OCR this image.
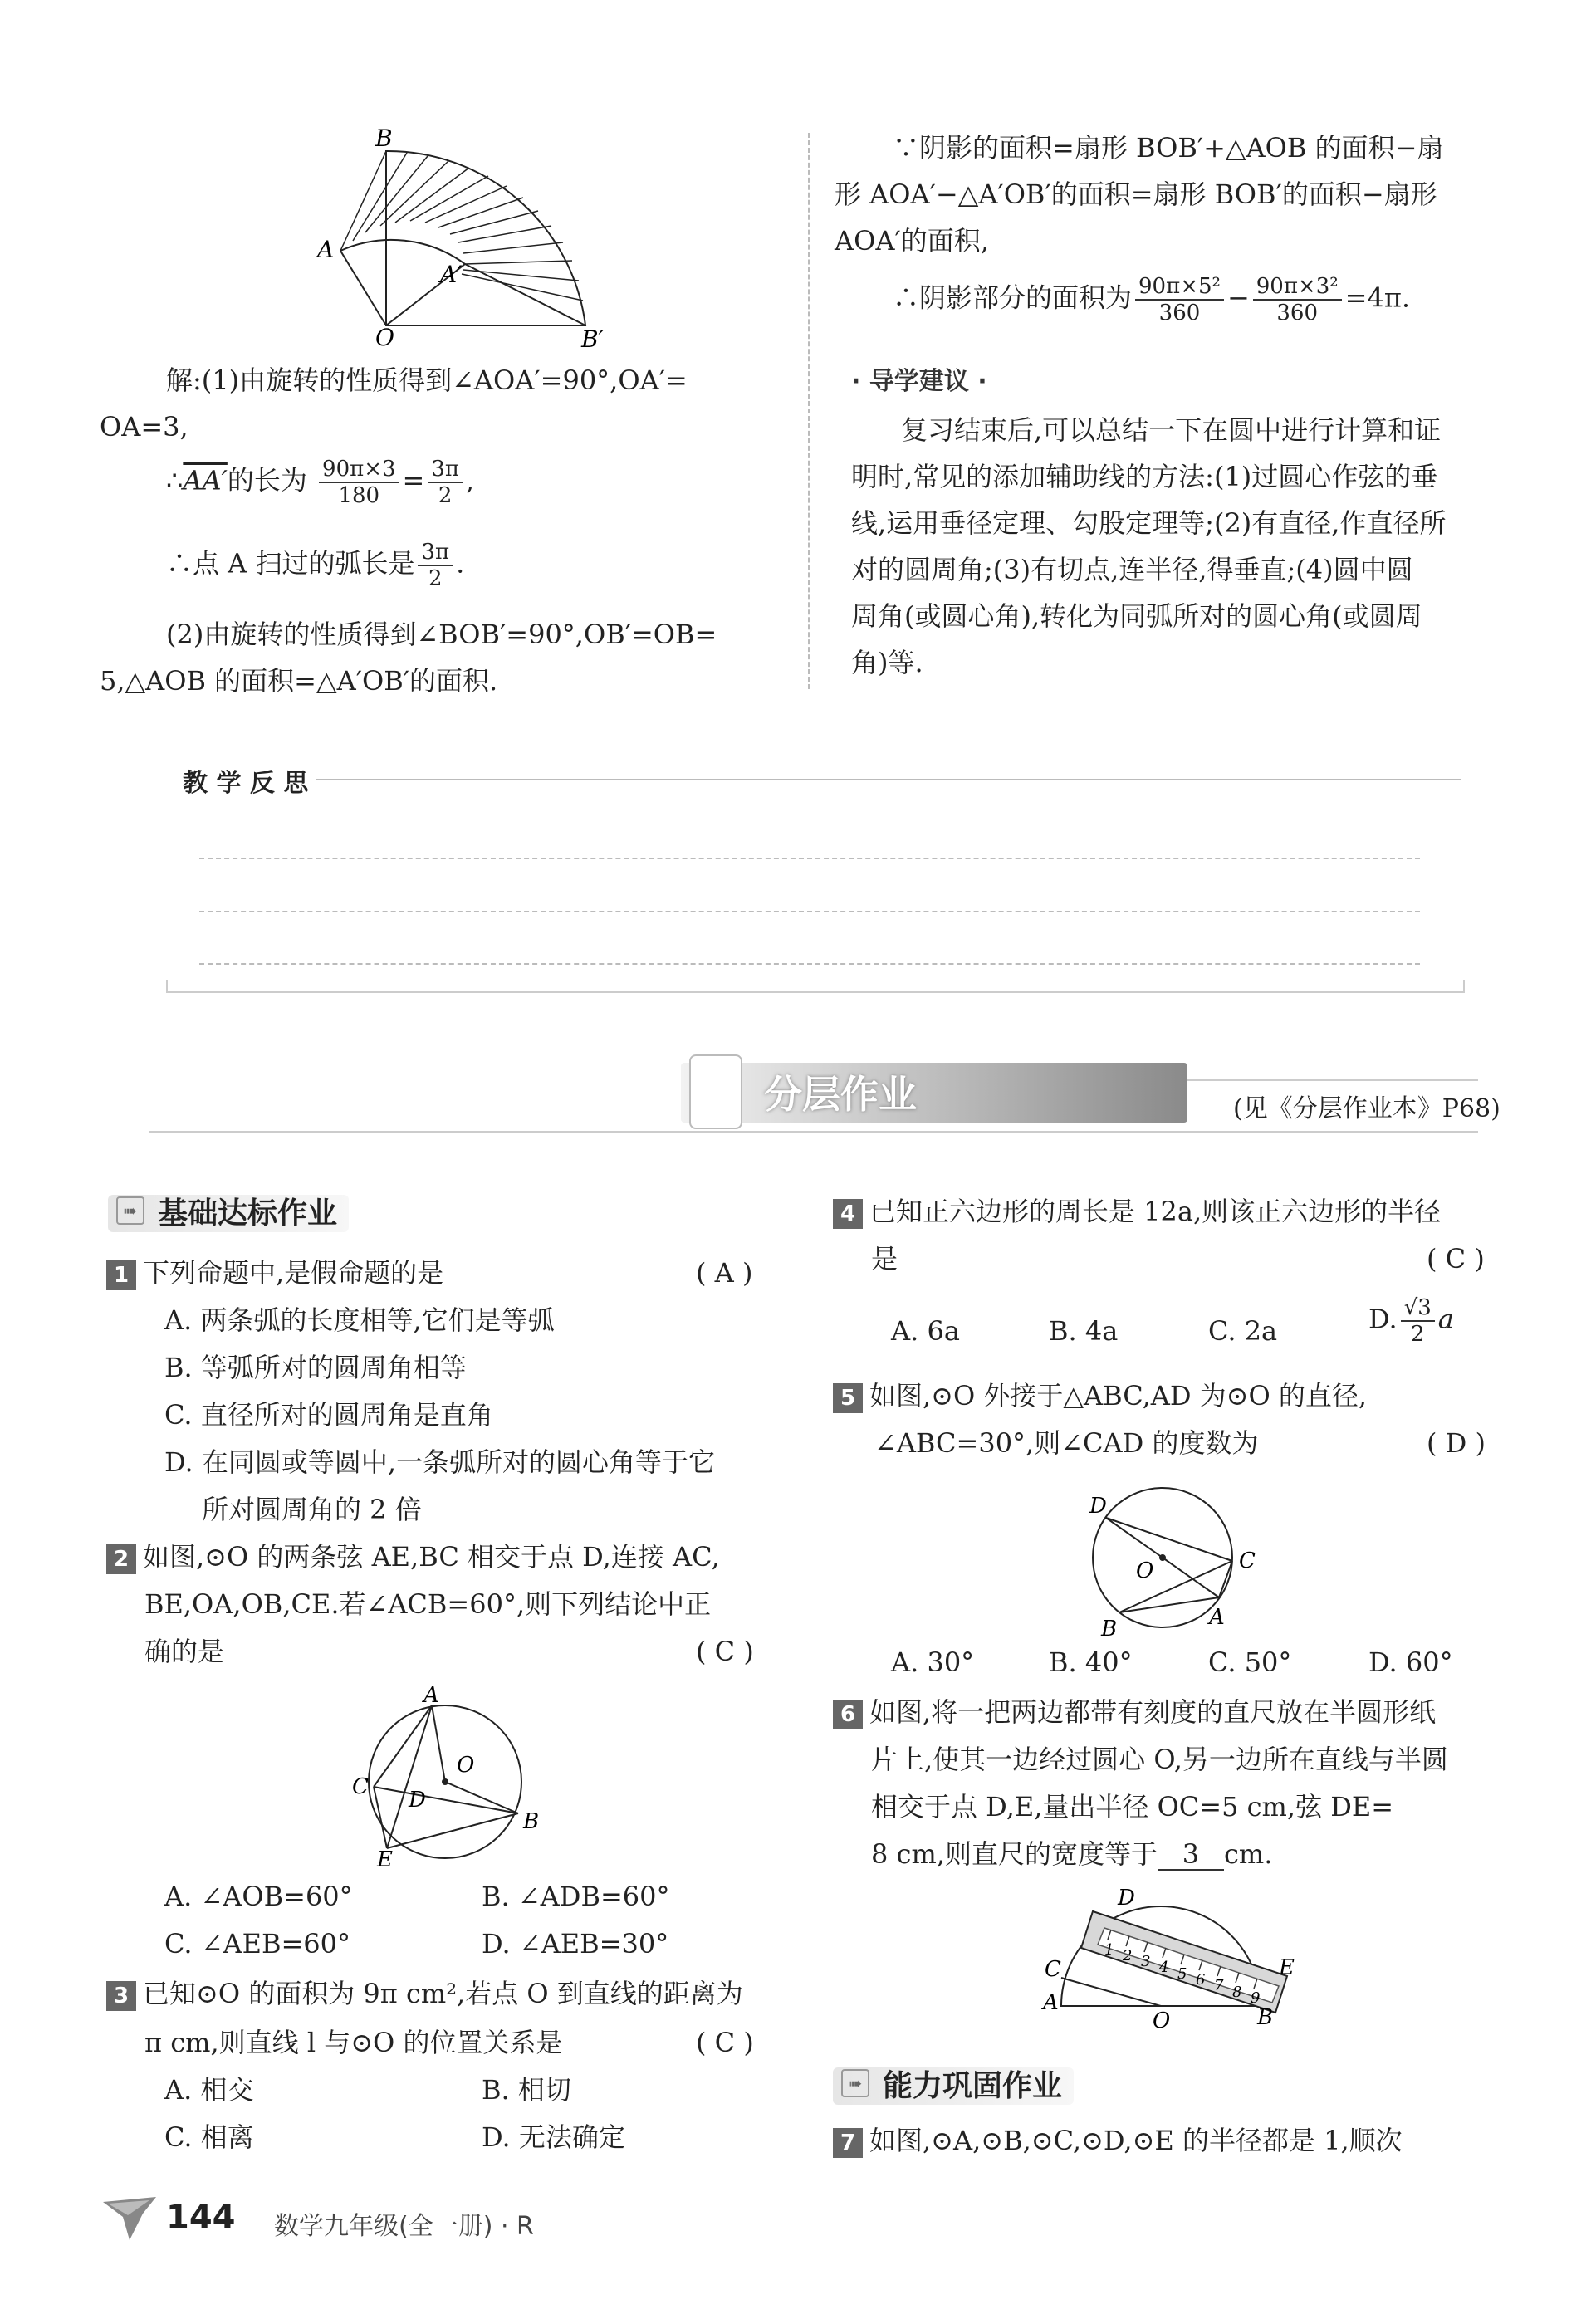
B
A
A′
O	B′
解:(1)由旋转的性质得到∠AOA′=90°,OA′=
OA=3,
∴AA′的长为 $\frac{90\pi\times 3}{180} = \frac{3\pi}{2}$ ,
∴点 A 扫过的弧长是 $\frac{3\pi}{2}$ .
(2)由旋转的性质得到∠BOB′=90°,OB′=OB=
5,△AOB 的面积=△A′OB′的面积.
∵阴影的面积=扇形 BOB′+△AOB 的面积−扇
形 AOA′−△A′OB′的面积=扇形 BOB′的面积−扇形
AOA′的面积,
∴阴影部分的面积为 $\frac{\text{90π×5²}}{360} - \frac{\text{90π×3²}}{360} =4\pi$.
· 导学建议 ·
复习结束后,可以总结一下在圆中进行计算和证
明时,常见的添加辅助线的方法:(1)过圆心作弦的垂
线,运用垂径定理、勾股定理等;(2)有直径,作直径所
对的圆周角;(3)有切点,连半径,得垂直;(4)圆中圆
周角(或圆心角),转化为同弧所对的圆心角(或圆周
角)等.
教 学 反 思
分层作业	(见《分层作业本》P68)
➠ 基础达标作业
1 下列命题中,是假命题的是	( A )
A. 两条弧的长度相等,它们是等弧
B. 等弧所对的圆周角相等
C. 直径所对的圆周角是直角
D. 在同圆或等圆中,一条弧所对的圆心角等于它
所对圆周角的 2 倍
2 如图,⊙O 的两条弦 AE,BC 相交于点 D,连接 AC,
BE,OA,OB,CE.若∠ACB=60°,则下列结论中正
确的是	( C )
A
O
C
D
B
E
A. ∠AOB=60°	B. ∠ADB=60°
C. ∠AEB=60°	D. ∠AEB=30°
3 已知⊙O 的面积为 9π cm²,若点 O 到直线的距离为
π cm,则直线 l 与⊙O 的位置关系是	( C )
A. 相交	B. 相切
C. 相离	D. 无法确定
4 已知正六边形的周长是 12a,则该正六边形的半径
是	( C )
A. 6a	B. 4a	C. 2a	D. $\frac{√3}{2}$ a
5 如图,⊙O 外接于△ABC,AD 为⊙O 的直径,
∠ABC=30°,则∠CAD 的度数为	( D )
D
C
O
B	A
A. 30°	B. 40°	C. 50°	D. 60°
6 如图,将一把两边都带有刻度的直尺放在半圆形纸
片上,使其一边经过圆心 O,另一边所在直线与半圆
相交于点 D,E,量出半径 OC=5 cm,弦 DE=
8 cm,则直尺的宽度等于 3 cm.
1 2 3 4 5 6 7 8 9
D
E
C
A
O	B
➠ 能力巩固作业
7 如图,⊙A,⊙B,⊙C,⊙D,⊙E 的半径都是 1,顺次
144 数学九年级(全一册) · R
